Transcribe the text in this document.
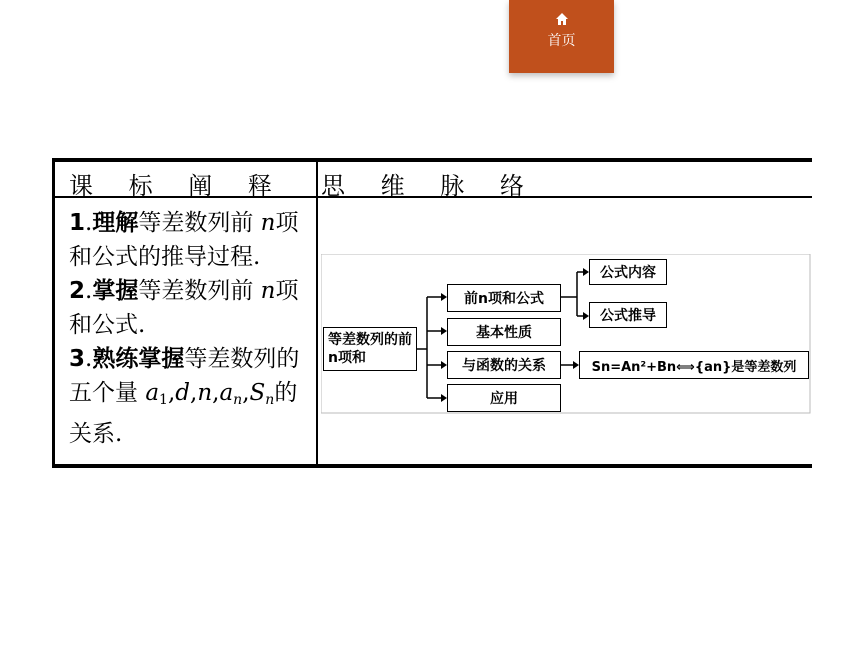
首页
课 标 阐 释 思 维 脉 络

1.理解等差数列前 n项和公式的推导过程.

2.掌握等差数列前 n项和公式.

3.熟练掌握等差数列的五个量 $a_1,d,n,a_n,S_n$的关系.

等差数列的前n项和
前n项和公式
基本性质
与函数的关系
应用
公式内容
公式推导
Sn=An²+Bn⟺{an}是等差数列
